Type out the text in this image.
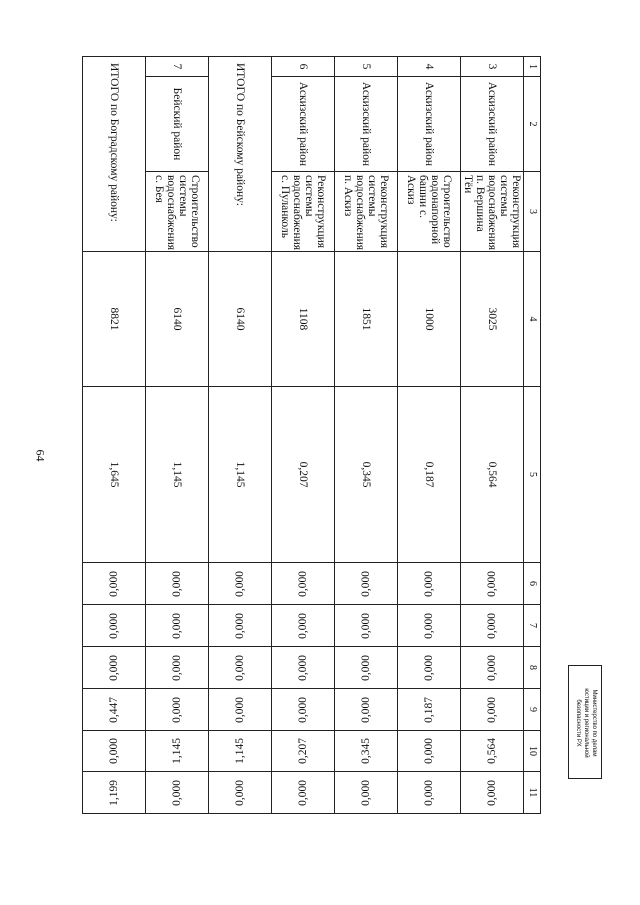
64
1	2	3	4	5	6	7	8	9	10	11
3	Аскизский район	Реконструкция системы водоснабжения п. Вершина Тёи	3025	0,564	0,000	0,000	0,000	0,000	0,564	0,000
4	Аскизский район	Строительство водонапорной башни с. Аскиз	1000	0,187	0,000	0,000	0,000	0,187	0,000	0,000
5	Аскизский район	Реконструкция системы водоснабжения п. Аскиз	1851	0,345	0,000	0,000	0,000	0,000	0,345	0,000
6	Аскизский район	Реконструкция системы водоснабжения с. Пуланколь	1108	0,207	0,000	0,000	0,000	0,000	0,207	0,000
ИТОГО по Бейскому району:			6140	1,145	0,000	0,000	0,000	0,000	1,145	0,000
7	Бейский район	Строительство системы водоснабжения с. Бея	6140	1,145	0,000	0,000	0,000	0,000	1,145	0,000
ИТОГО по Боградскому району:			8821	1,645	0,000	0,000	0,000	0,447	0,000	1,199
Министерство по делам
юстиции и региональной
безопасности РХ
